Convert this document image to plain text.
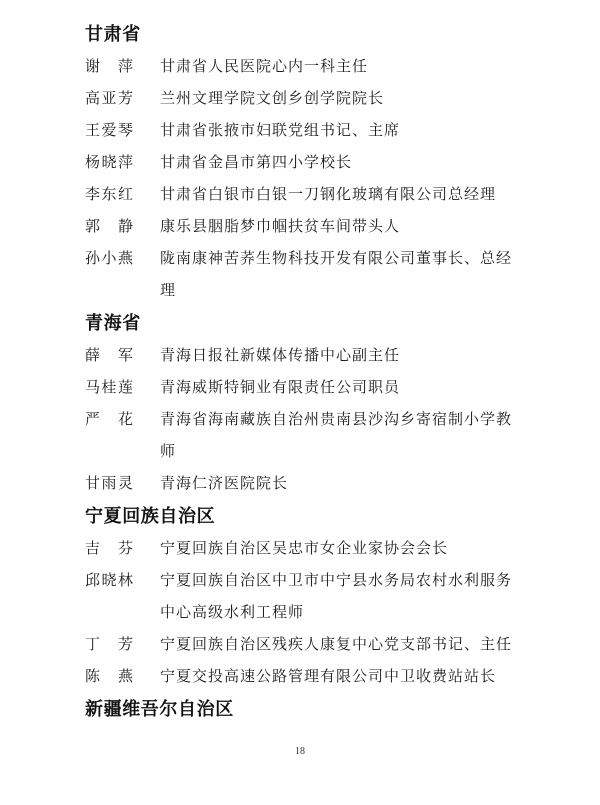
甘肃省
谢 萍 甘肃省人民医院心内一科主任
高亚芳 兰州文理学院文创乡创学院院长
王爱琴 甘肃省张掖市妇联党组书记、主席
杨晓萍 甘肃省金昌市第四小学校长
李东红 甘肃省白银市白银一刀钢化玻璃有限公司总经理
郭 静 康乐县胭脂梦巾帼扶贫车间带头人
孙小燕 陇南康神苦荞生物科技开发有限公司董事长、总经
理
青海省
薛 军 青海日报社新媒体传播中心副主任
马桂莲 青海威斯特铜业有限责任公司职员
严 花 青海省海南藏族自治州贵南县沙沟乡寄宿制小学教
师
甘雨灵 青海仁济医院院长
宁夏回族自治区
吉 芬 宁夏回族自治区吴忠市女企业家协会会长
邱晓林 宁夏回族自治区中卫市中宁县水务局农村水利服务
中心高级水利工程师
丁 芳 宁夏回族自治区残疾人康复中心党支部书记、主任
陈 燕 宁夏交投高速公路管理有限公司中卫收费站站长
新疆维吾尔自治区
18
